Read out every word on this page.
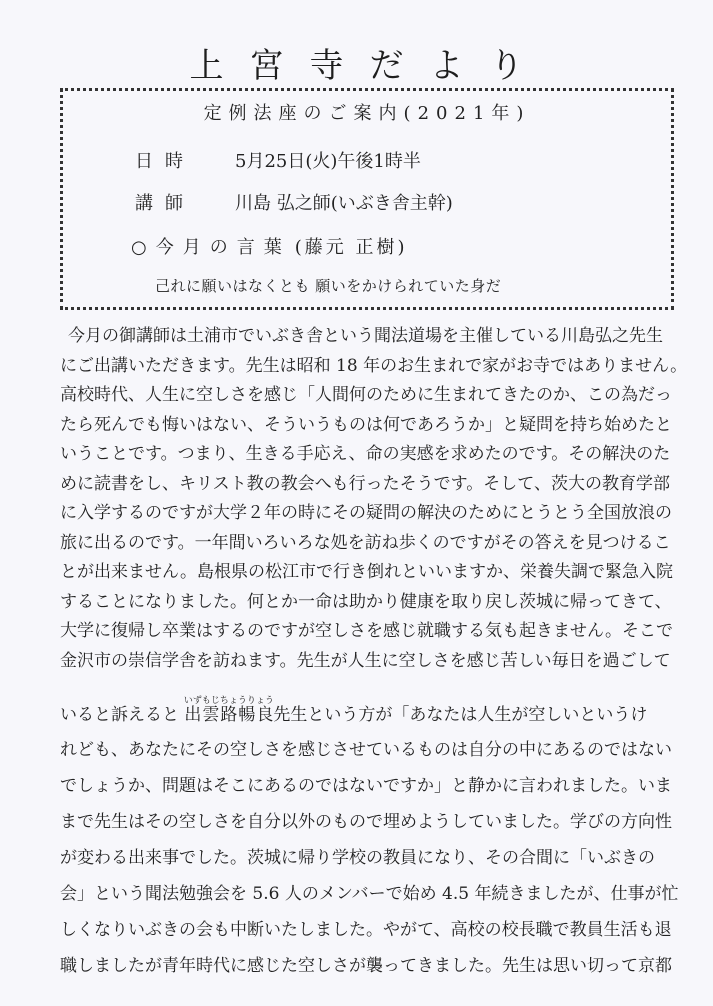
上宮寺だより
定例法座のご案内(2021年)
日時 5月25日(火)午後1時半
講師 川島 弘之師(いぶき舎主幹)
○今月の言葉 (藤元 正樹)
己れに願いはなくとも 願いをかけられていた身だ
今月の御講師は土浦市でいぶき舎という聞法道場を主催している川島弘之先生
にご出講いただきます。先生は昭和 18 年のお生まれで家がお寺ではありません。
高校時代、人生に空しさを感じ「人間何のために生まれてきたのか、この為だっ
たら死んでも悔いはない、そういうものは何であろうか」と疑問を持ち始めたと
いうことです。つまり、生きる手応え、命の実感を求めたのです。その解決のた
めに読書をし、キリスト教の教会へも行ったそうです。そして、茨大の教育学部
に入学するのですが大学２年の時にその疑問の解決のためにとうとう全国放浪の
旅に出るのです。一年間いろいろな処を訪ね歩くのですがその答えを見つけるこ
とが出来ません。島根県の松江市で行き倒れといいますか、栄養失調で緊急入院
することになりました。何とか一命は助かり健康を取り戻し茨城に帰ってきて、
大学に復帰し卒業はするのですが空しさを感じ就職する気も起きません。そこで
金沢市の崇信学舎を訪ねます。先生が人生に空しさを感じ苦しい毎日を過ごして
いると訴えると 出雲路暢良いずもじちょうりょう先生という方が「あなたは人生が空しいというけ
れども、あなたにその空しさを感じさせているものは自分の中にあるのではない
でしょうか、問題はそこにあるのではないですか」と静かに言われました。いま
まで先生はその空しさを自分以外のもので埋めようしていました。学びの方向性
が変わる出来事でした。茨城に帰り学校の教員になり、その合間に「いぶきの
会」という聞法勉強会を 5.6 人のメンバーで始め 4.5 年続きましたが、仕事が忙
しくなりいぶきの会も中断いたしました。やがて、高校の校長職で教員生活も退
職しましたが青年時代に感じた空しさが襲ってきました。先生は思い切って京都
